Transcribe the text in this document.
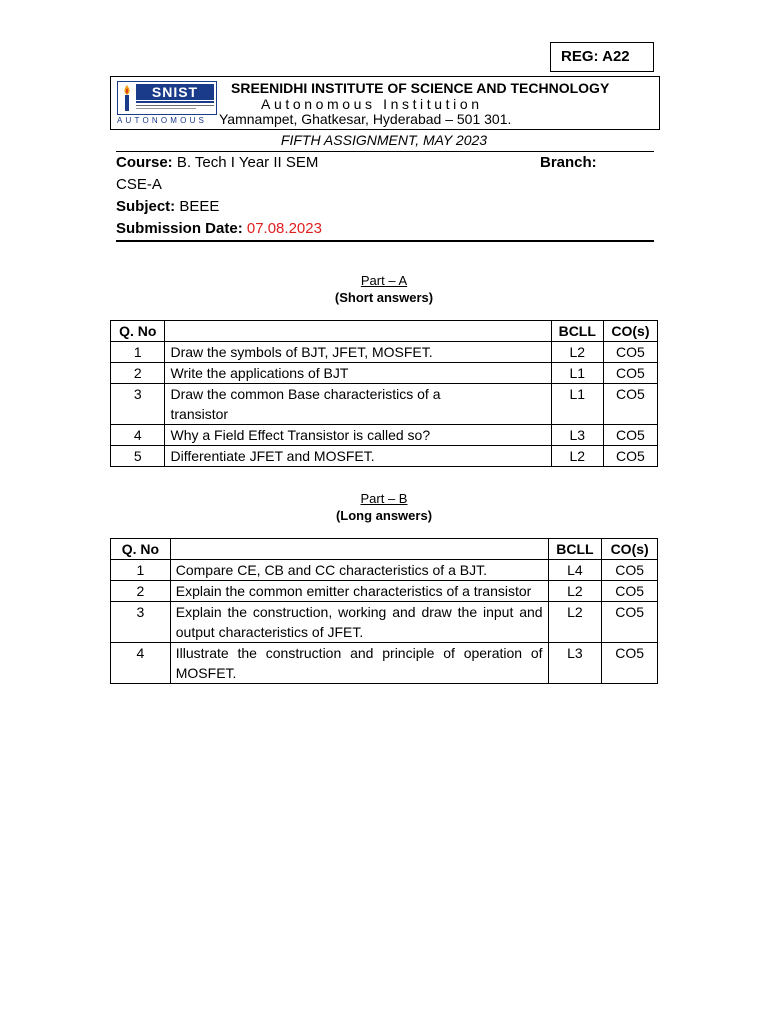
REG: A22
SNIST
AUTONOMOUS
SREENIDHI INSTITUTE OF SCIENCE AND TECHNOLOGY
Autonomous Institution
Yamnampet, Ghatkesar, Hyderabad – 501 301.
FIFTH ASSIGNMENT, MAY 2023
Course: B. Tech I Year II SEM	Branch:
CSE-A
Subject: BEEE
Submission Date: 07.08.2023
Part – A
(Short answers)
Q. No		BCLL	CO(s)
1	Draw the symbols of BJT, JFET, MOSFET.	L2	CO5
2	Write the applications of BJT	L1	CO5
3	Draw the common Base characteristics of a transistor	L1	CO5
4	Why a Field Effect Transistor is called so?	L3	CO5
5	Differentiate JFET and MOSFET.	L2	CO5
Part – B
(Long answers)
Q. No		BCLL	CO(s)
1	Compare CE, CB and CC characteristics of a BJT.	L4	CO5
2	Explain the common emitter characteristics of a transistor	L2	CO5
3	Explain the construction, working and draw the input and output characteristics of JFET.	L2	CO5
4	Illustrate the construction and principle of operation of MOSFET.	L3	CO5
